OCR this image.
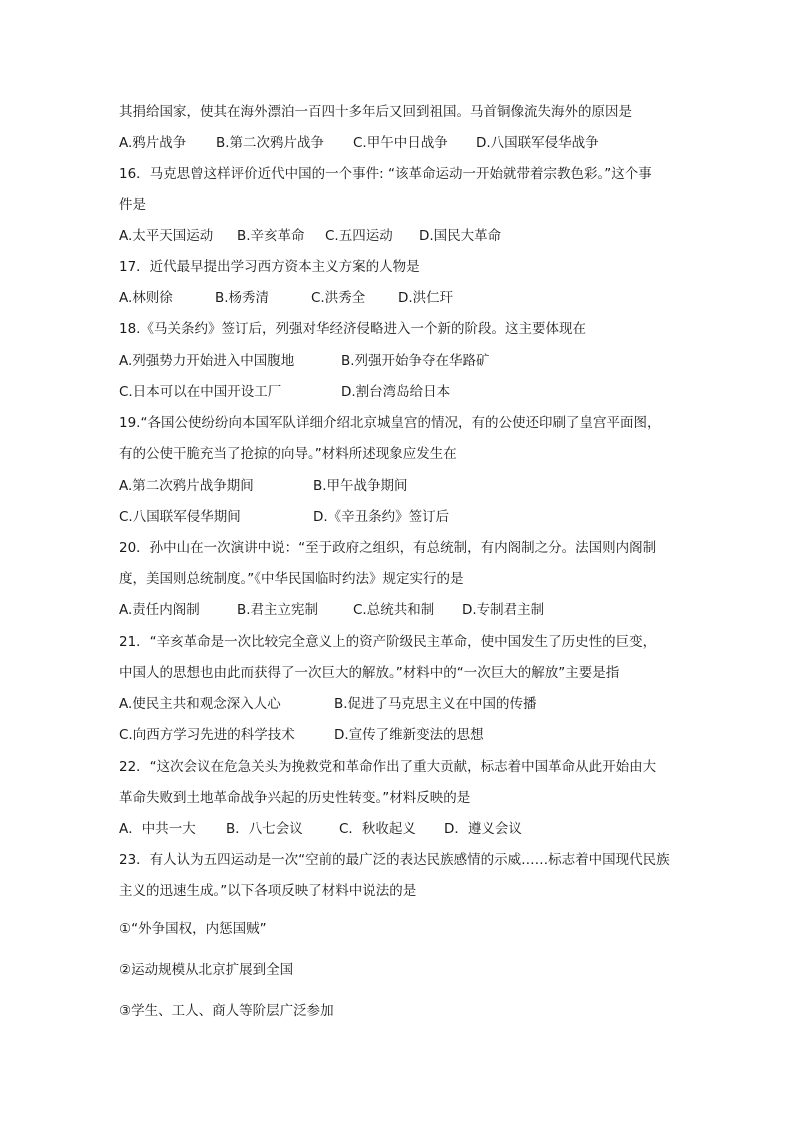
其捐给国家，使其在海外漂泊一百四十多年后又回到祖国。马首铜像流失海外的原因是

A.鸦片战争 B.第二次鸦片战争 C.甲午中日战争 D.八国联军侵华战争

16．马克思曾这样评价近代中国的一个事件: “该革命运动一开始就带着宗教色彩。”这个事

件是

A.太平天国运动 B.辛亥革命 C.五四运动 D.国民大革命

17．近代最早提出学习西方资本主义方案的人物是

A.林则徐	B.杨秀清	C.洪秀全 D.洪仁玕

18.《马关条约》签订后，列强对华经济侵略进入一个新的阶段。这主要体现在

A.列强势力开始进入中国腹地	B.列强开始争夺在华路矿
C.日本可以在中国开设工厂	D.割台湾岛给日本

19.“各国公使纷纷向本国军队详细介绍北京城皇宫的情况，有的公使还印刷了皇宫平面图，

有的公使干脆充当了抢掠的向导。”材料所述现象应发生在

A.第二次鸦片战争期间	B.甲午战争期间
C.八国联军侵华期间	D.《辛丑条约》签订后

20．孙中山在一次演讲中说：“至于政府之组织，有总统制，有内阁制之分。法国则内阁制

度，美国则总统制度。”《中华民国临时约法》规定实行的是

A.责任内阁制	B.君主立宪制	C.总统共和制 D.专制君主制

21．“辛亥革命是一次比较完全意义上的资产阶级民主革命，使中国发生了历史性的巨变，

中国人的思想也由此而获得了一次巨大的解放。”材料中的“一次巨大的解放”主要是指

A.使民主共和观念深入人心	B.促进了马克思主义在中国的传播
C.向西方学习先进的科学技术	D.宣传了维新变法的思想

22．“这次会议在危急关头为挽救党和革命作出了重大贡献，标志着中国革命从此开始由大

革命失败到土地革命战争兴起的历史性转变。”材料反映的是

A．中共一大 B．八七会议	C．秋收起义 D．遵义会议

23．有人认为五四运动是一次“空前的最广泛的表达民族感情的示威……标志着中国现代民族

主义的迅速生成。”以下各项反映了材料中说法的是

①“外争国权，内惩国贼”

②运动规模从北京扩展到全国

③学生、工人、商人等阶层广泛参加
